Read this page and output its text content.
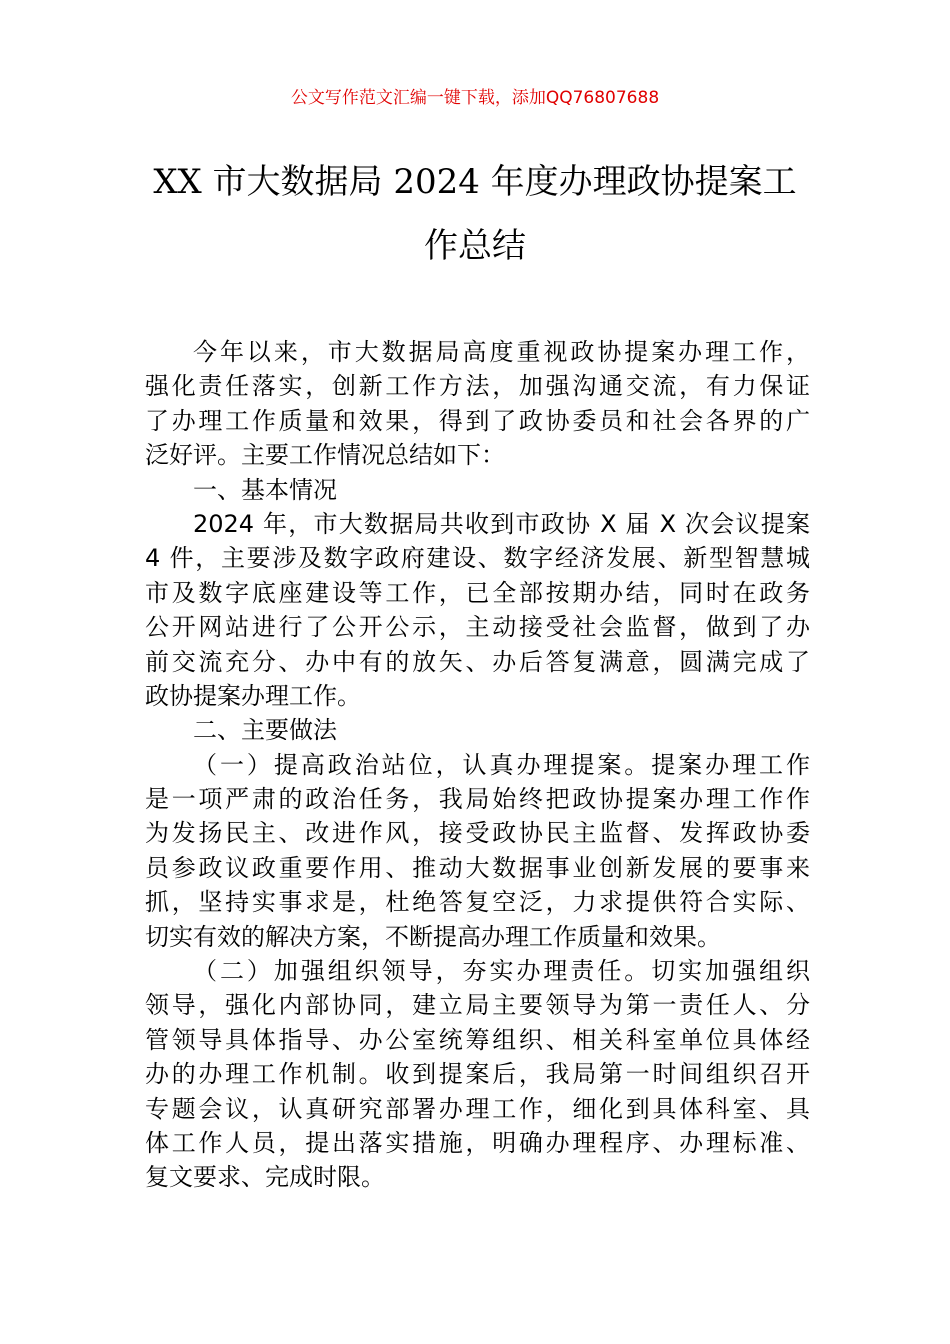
公文写作范文汇编一键下载，添加QQ76807688
XX 市大数据局 2024 年度办理政协提案工
作总结
今年以来，市大数据局高度重视政协提案办理工作，
强化责任落实，创新工作方法，加强沟通交流，有力保证
了办理工作质量和效果，得到了政协委员和社会各界的广
泛好评。主要工作情况总结如下：
一、基本情况
2024 年，市大数据局共收到市政协 X 届 X 次会议提案
4 件，主要涉及数字政府建设、数字经济发展、新型智慧城
市及数字底座建设等工作，已全部按期办结，同时在政务
公开网站进行了公开公示，主动接受社会监督，做到了办
前交流充分、办中有的放矢、办后答复满意，圆满完成了
政协提案办理工作。
二、主要做法
（一）提高政治站位，认真办理提案。提案办理工作
是一项严肃的政治任务，我局始终把政协提案办理工作作
为发扬民主、改进作风，接受政协民主监督、发挥政协委
员参政议政重要作用、推动大数据事业创新发展的要事来
抓，坚持实事求是，杜绝答复空泛，力求提供符合实际、
切实有效的解决方案，不断提高办理工作质量和效果。
（二）加强组织领导，夯实办理责任。切实加强组织
领导，强化内部协同，建立局主要领导为第一责任人、分
管领导具体指导、办公室统筹组织、相关科室单位具体经
办的办理工作机制。收到提案后，我局第一时间组织召开
专题会议，认真研究部署办理工作，细化到具体科室、具
体工作人员，提出落实措施，明确办理程序、办理标准、
复文要求、完成时限。
